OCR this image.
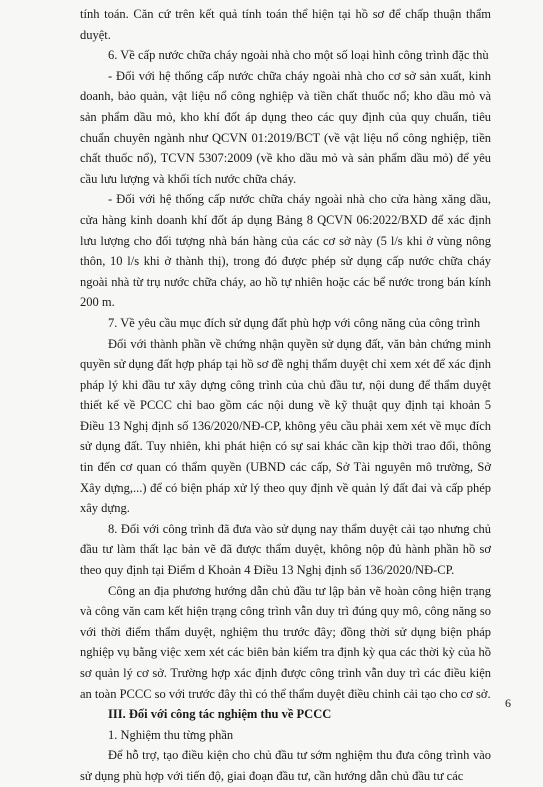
tính toán. Căn cứ trên kết quả tính toán thể hiện tại hồ sơ để chấp thuận thẩm duyệt.

6. Về cấp nước chữa cháy ngoài nhà cho một số loại hình công trình đặc thù

- Đối với hệ thống cấp nước chữa cháy ngoài nhà cho cơ sở sản xuất, kinh doanh, bảo quản, vật liệu nổ công nghiệp và tiền chất thuốc nổ; kho dầu mỏ và sản phẩm dầu mỏ, kho khí đốt áp dụng theo các quy định của quy chuẩn, tiêu chuẩn chuyên ngành như QCVN 01:2019/BCT (về vật liệu nổ công nghiệp, tiền chất thuốc nổ), TCVN 5307:2009 (về kho dầu mỏ và sản phẩm dầu mỏ) để yêu cầu lưu lượng và khối tích nước chữa cháy.

- Đối với hệ thống cấp nước chữa cháy ngoài nhà cho cửa hàng xăng dầu, cửa hàng kinh doanh khí đốt áp dụng Bảng 8 QCVN 06:2022/BXD để xác định lưu lượng cho đối tượng nhà bán hàng của các cơ sở này (5 l/s khi ở vùng nông thôn, 10 l/s khi ở thành thị), trong đó được phép sử dụng cấp nước chữa cháy ngoài nhà từ trụ nước chữa cháy, ao hồ tự nhiên hoặc các bể nước trong bán kính 200 m.

7. Về yêu cầu mục đích sử dụng đất phù hợp với công năng của công trình

Đối với thành phần về chứng nhận quyền sử dụng đất, văn bản chứng minh quyền sử dụng đất hợp pháp tại hồ sơ đề nghị thẩm duyệt chỉ xem xét để xác định pháp lý khi đầu tư xây dựng công trình của chủ đầu tư, nội dung để thẩm duyệt thiết kế về PCCC chỉ bao gồm các nội dung về kỹ thuật quy định tại khoản 5 Điều 13 Nghị định số 136/2020/NĐ-CP, không yêu cầu phải xem xét về mục đích sử dụng đất. Tuy nhiên, khi phát hiện có sự sai khác cần kịp thời trao đổi, thông tin đến cơ quan có thẩm quyền (UBND các cấp, Sở Tài nguyên mô trường, Sở Xây dựng,...) để có biện pháp xử lý theo quy định về quản lý đất đai và cấp phép xây dựng.

8. Đối với công trình đã đưa vào sử dụng nay thẩm duyệt cải tạo nhưng chủ đầu tư làm thất lạc bản vẽ đã được thẩm duyệt, không nộp đủ hành phần hồ sơ theo quy định tại Điểm d Khoản 4 Điều 13 Nghị định số 136/2020/NĐ-CP.

Công an địa phương hướng dẫn chủ đầu tư lập bản vẽ hoàn công hiện trạng và công văn cam kết hiện trạng công trình vẫn duy trì đúng quy mô, công năng so với thời điểm thẩm duyệt, nghiệm thu trước đây; đồng thời sử dụng biện pháp nghiệp vụ bằng việc xem xét các biên bản kiểm tra định kỳ qua các thời kỳ của hồ sơ quản lý cơ sở. Trường hợp xác định được công trình vẫn duy trì các điều kiện an toàn PCCC so với trước đây thì có thể thẩm duyệt điều chỉnh cải tạo cho cơ sở.

III. Đối với công tác nghiệm thu về PCCC

1. Nghiệm thu từng phần

Để hỗ trợ, tạo điều kiện cho chủ đầu tư sớm nghiệm thu đưa công trình vào sử dụng phù hợp với tiến độ, giai đoạn đầu tư, cần hướng dẫn chủ đầu tư các

6
